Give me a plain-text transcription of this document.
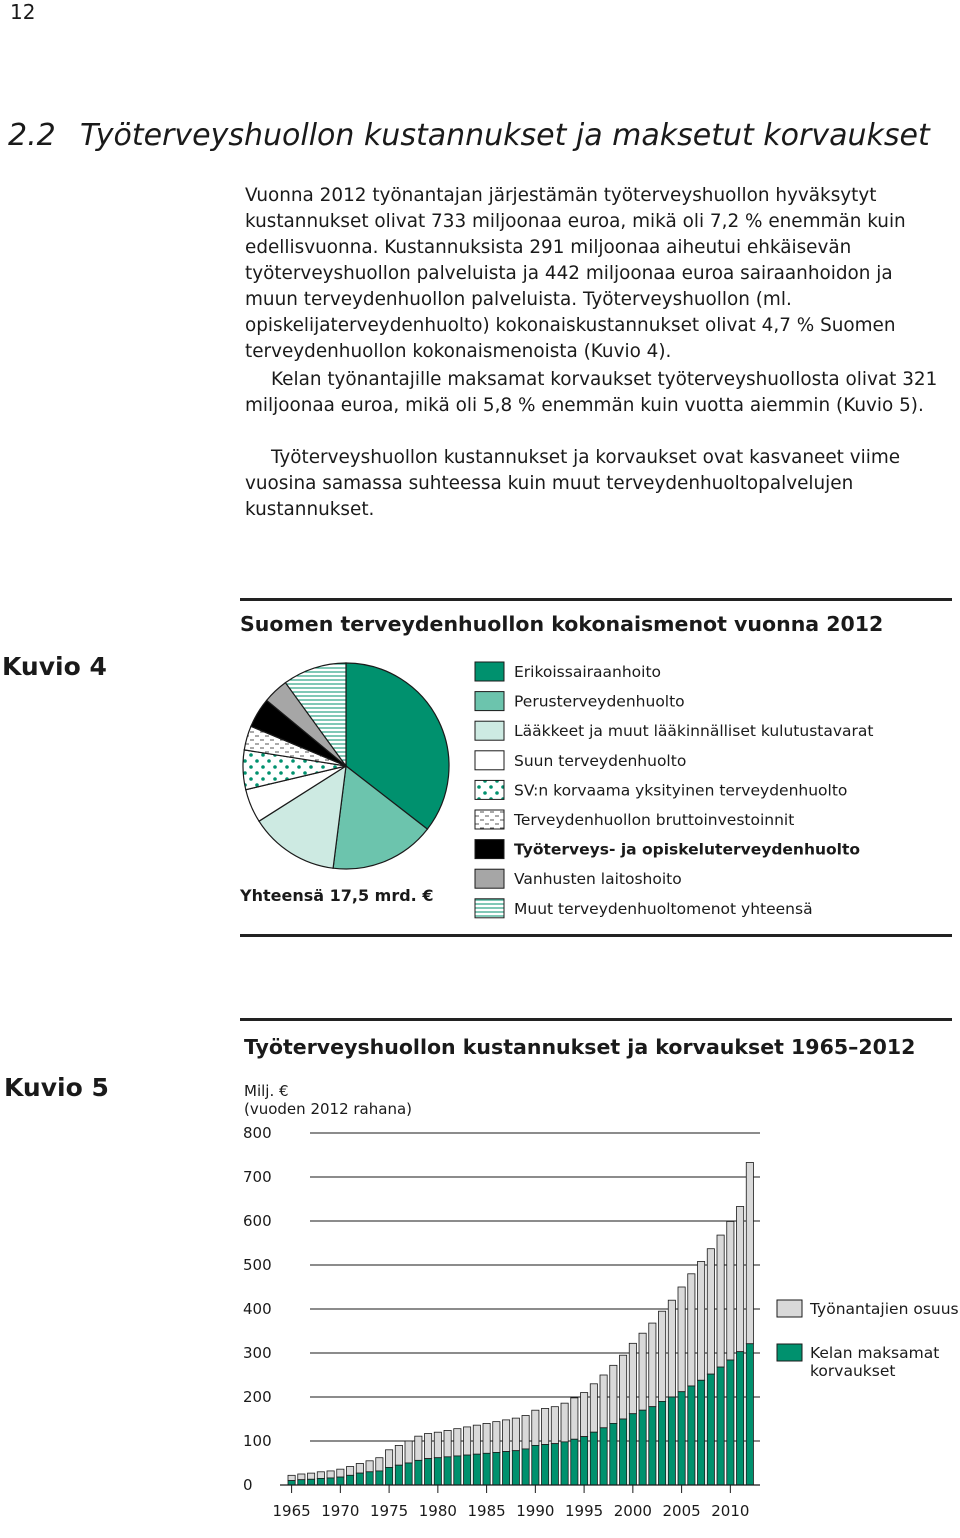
12
2.2 Työterveyshuollon kustannukset ja maksetut korvaukset

Vuonna 2012 työnantajan järjestämän työterveyshuollon hyväksytyt kustannukset olivat 733 miljoonaa euroa, mikä oli 7,2 % enemmän kuin edellisvuonna. Kustannuksista 291 miljoonaa aiheutui ehkäisevän työterveyshuollon palveluista ja 442 miljoonaa euroa sairaanhoidon ja muun terveydenhuollon palveluista. Työterveyshuollon (ml. opiskelijaterveydenhuolto) kokonaiskustannukset olivat 4,7 % Suomen terveydenhuollon kokonaismenoista (Kuvio 4).

Kelan työnantajille maksamat korvaukset työterveyshuollosta olivat 321 miljoonaa euroa, mikä oli 5,8 % enemmän kuin vuotta aiemmin (Kuvio 5).

Työterveyshuollon kustannukset ja korvaukset ovat kasvaneet viime vuosina samassa suhteessa kuin muut terveydenhuoltopalvelujen kustannukset.

Kuvio 4
Suomen terveydenhuollon kokonaismenot vuonna 2012
Yhteensä 17,5 mrd. €
Erikoissairaanhoito
Perusterveydenhuolto
Lääkkeet ja muut lääkinnälliset kulutustavarat
Suun terveydenhuolto
SV:n korvaama yksityinen terveydenhuolto
Terveydenhuollon bruttoinvestoinnit
Työterveys- ja opiskeluterveydenhuolto
Vanhusten laitoshoito
Muut terveydenhuoltomenot yhteensä
Kuvio 5
Työterveyshuollon kustannukset ja korvaukset 1965–2012
Milj. €
(vuoden 2012 rahana)
0
100
200
300
400
500
600
700
800
1965 1970 1975 1980 1985 1990 1995 2000 2005 2010
Työnantajien osuus
Kelan maksamat korvaukset
